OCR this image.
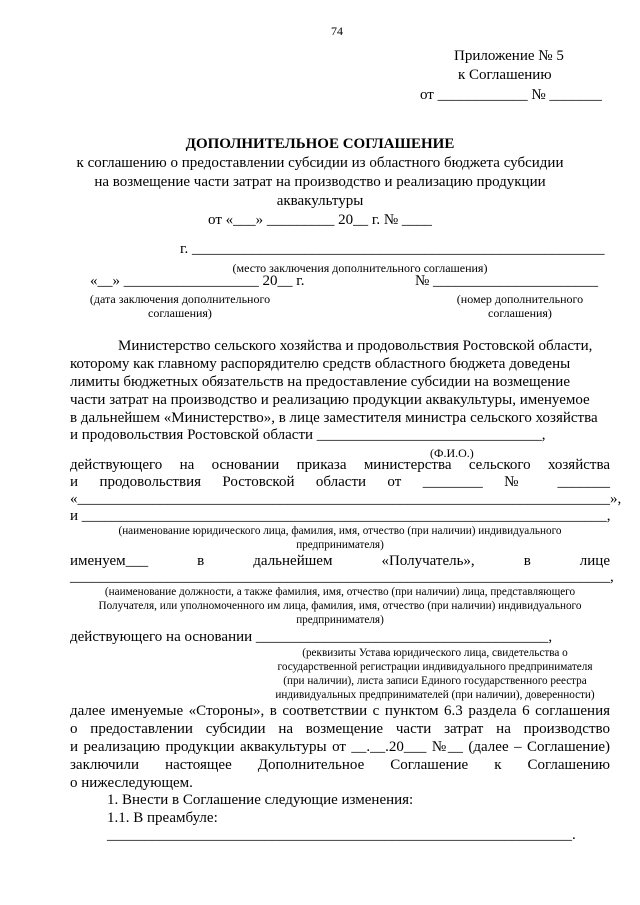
74
Приложение № 5
к Соглашению
от ____________ № _______
ДОПОЛНИТЕЛЬНОЕ СОГЛАШЕНИЕ
к соглашению о предоставлении субсидии из областного бюджета субсидии
на возмещение части затрат на производство и реализацию продукции
аквакультуры
от «___» _________ 20__ г. № ____
г. _______________________________________________________
(место заключения дополнительного соглашения)
«__» __________________ 20__ г.	№ ______________________
(дата заключения дополнительного
соглашения)
(номер дополнительного
соглашения)
Министерство сельского хозяйства и продовольствия Ростовской области,
которому как главному распорядителю средств областного бюджета доведены
лимиты бюджетных обязательств на предоставление субсидии на возмещение
части затрат на производство и реализацию продукции аквакультуры, именуемое
в дальнейшем «Министерство», в лице заместителя министра сельского хозяйства
и продовольствия Ростовской области ______________________________,
(Ф.И.О.)
действующего на основании приказа министерства сельского хозяйства
и продовольствия Ростовской области от ________ № _______
«_______________________________________________________________________»,
и ______________________________________________________________________,
(наименование юридического лица, фамилия, имя, отчество (при наличии) индивидуального
предпринимателя)
именуем___ в дальнейшем «Получатель», в лице
________________________________________________________________________,
(наименование должности, а также фамилия, имя, отчество (при наличии) лица, представляющего
Получателя, или уполномоченного им лица, фамилия, имя, отчество (при наличии) индивидуального
предпринимателя)
действующего на основании _______________________________________,
(реквизиты Устава юридического лица, свидетельства о
государственной регистрации индивидуального предпринимателя
(при наличии), листа записи Единого государственного реестра
индивидуальных предпринимателей (при наличии), доверенности)
далее именуемые «Стороны», в соответствии с пунктом 6.3 раздела 6 соглашения
о предоставлении субсидии на возмещение части затрат на производство
и реализацию продукции аквакультуры от __.__.20___ №__ (далее – Соглашение)
заключили настоящее Дополнительное Соглашение к Соглашению
о нижеследующем.
1. Внести в Соглашение следующие изменения:
1.1. В преамбуле:
______________________________________________________________.
